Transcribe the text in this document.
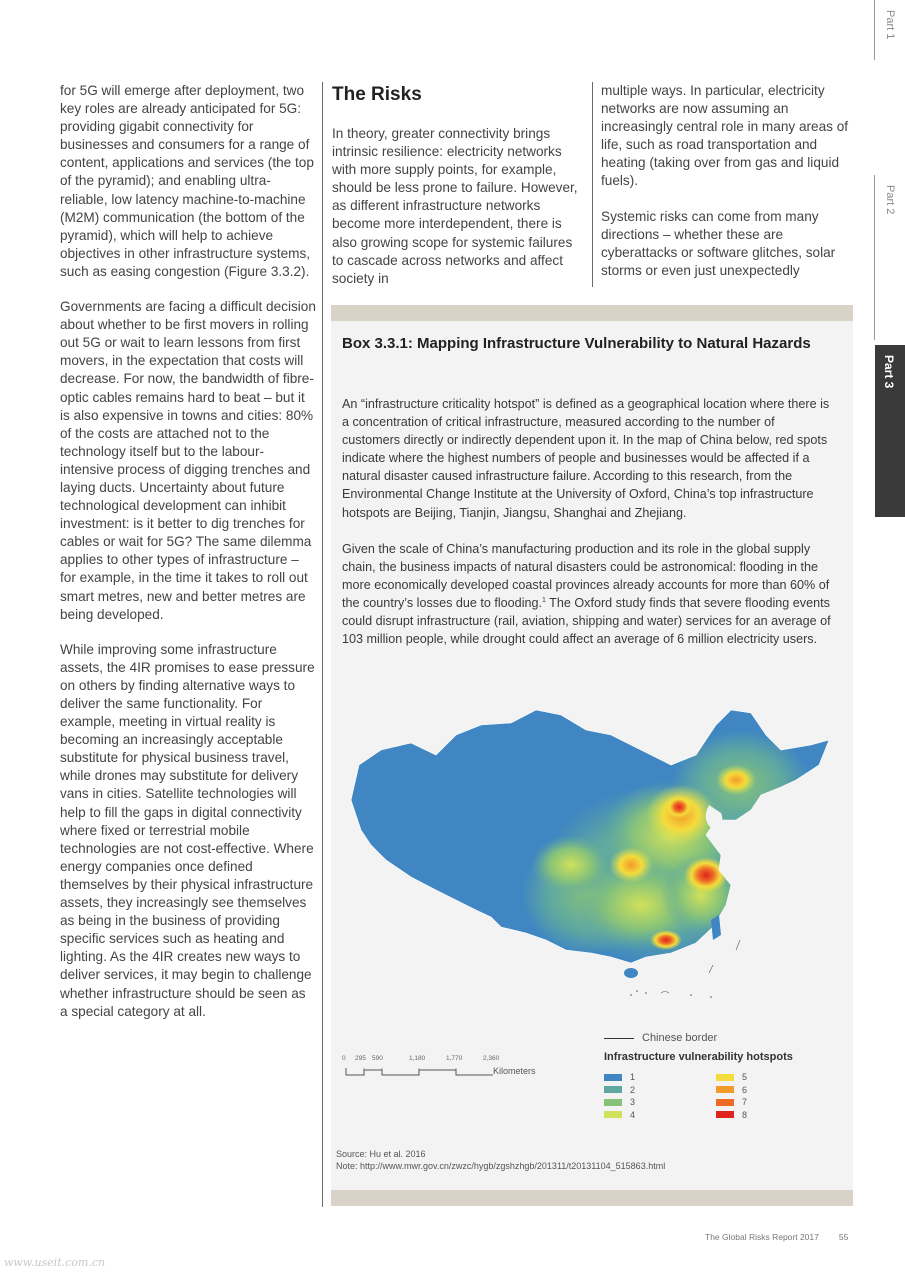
for 5G will emerge after deployment, two key roles are already anticipated for 5G: providing gigabit connectivity for businesses and consumers for a range of content, applications and services (the top of the pyramid); and enabling ultra-reliable, low latency machine-to-machine (M2M) communication (the bottom of the pyramid), which will help to achieve objectives in other infrastructure systems, such as easing congestion (Figure 3.3.2).

Governments are facing a difficult decision about whether to be first movers in rolling out 5G or wait to learn lessons from first movers, in the expectation that costs will decrease. For now, the bandwidth of fibre-optic cables remains hard to beat – but it is also expensive in towns and cities: 80% of the costs are attached not to the technology itself but to the labour-intensive process of digging trenches and laying ducts. Uncertainty about future technological development can inhibit investment: is it better to dig trenches for cables or wait for 5G? The same dilemma applies to other types of infrastructure – for example, in the time it takes to roll out smart metres, new and better metres are being developed.

While improving some infrastructure assets, the 4IR promises to ease pressure on others by finding alternative ways to deliver the same functionality. For example, meeting in virtual reality is becoming an increasingly acceptable substitute for physical business travel, while drones may substitute for delivery vans in cities. Satellite technologies will help to fill the gaps in digital connectivity where fixed or terrestrial mobile technologies are not cost-effective. Where energy companies once defined themselves by their physical infrastructure assets, they increasingly see themselves as being in the business of providing specific services such as heating and lighting. As the 4IR creates new ways to deliver services, it may begin to challenge whether infrastructure should be seen as a special category at all.

The Risks

In theory, greater connectivity brings intrinsic resilience: electricity networks with more supply points, for example, should be less prone to failure. However, as different infrastructure networks become more interdependent, there is also growing scope for systemic failures to cascade across networks and affect society in

multiple ways. In particular, electricity networks are now assuming an increasingly central role in many areas of life, such as road transportation and heating (taking over from gas and liquid fuels).

Systemic risks can come from many directions – whether these are cyberattacks or software glitches, solar storms or even just unexpectedly

Box 3.3.1: Mapping Infrastructure Vulnerability to Natural Hazards

An “infrastructure criticality hotspot” is defined as a geographical location where there is a concentration of critical infrastructure, measured according to the number of customers directly or indirectly dependent upon it. In the map of China below, red spots indicate where the highest numbers of people and businesses would be affected if a natural disaster caused infrastructure failure. According to this research, from the Environmental Change Institute at the University of Oxford, China’s top infrastructure hotspots are Beijing, Tianjin, Jiangsu, Shanghai and Zhejiang.

Given the scale of China’s manufacturing production and its role in the global supply chain, the business impacts of natural disasters could be astronomical: flooding in the more economically developed coastal provinces already accounts for more than 60% of the country’s losses due to flooding.$^1$ The Oxford study finds that severe flooding events could disrupt infrastructure (rail, aviation, shipping and water) services for an average of 103 million people, while drought could affect an average of 6 million electricity users.

0 295 590	1,180	1,770	2,360
Kilometers
Chinese border
Infrastructure vulnerability hotspots
1
2
3
4
5
6
7
8
Source: Hu et al. 2016
Note: http://www.mwr.gov.cn/zwzc/hygb/zgshzhgb/201311/t20131104_515863.html
Part 1
Part 2
Part 3
The Global Risks Report 2017 55
www.useit.com.cn
